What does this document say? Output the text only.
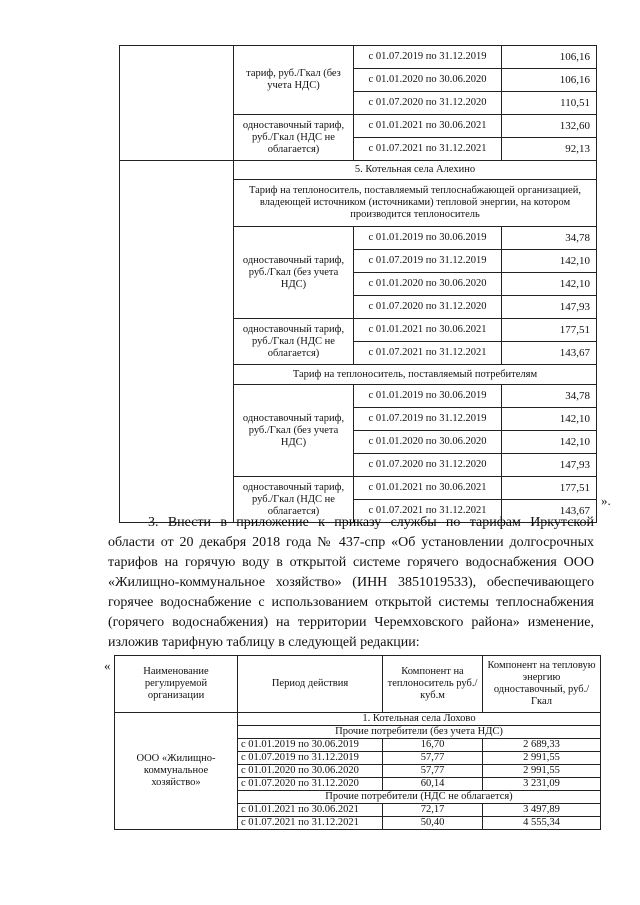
	тариф, руб./Гкал (без учета НДС)	с 01.07.2019 по 31.12.2019	106,16
		с 01.01.2020 по 30.06.2020	106,16
		с 01.07.2020 по 31.12.2020	110,51
	одноставочный тариф, руб./Гкал (НДС не облагается)	с 01.01.2021 по 30.06.2021	132,60
		с 01.07.2021 по 31.12.2021	92,13
	5. Котельная села Алехино		
	Тариф на теплоноситель, поставляемый теплоснабжающей организацией, владеющей источником (источниками) тепловой энергии, на котором производится теплоноситель		
	одноставочный тариф, руб./Гкал (без учета НДС)	с 01.01.2019 по 30.06.2019	34,78
		с 01.07.2019 по 31.12.2019	142,10
		с 01.01.2020 по 30.06.2020	142,10
		с 01.07.2020 по 31.12.2020	147,93
	одноставочный тариф, руб./Гкал (НДС не облагается)	с 01.01.2021 по 30.06.2021	177,51
		с 01.07.2021 по 31.12.2021	143,67
	Тариф на теплоноситель, поставляемый потребителям		
	одноставочный тариф, руб./Гкал (без учета НДС)	с 01.01.2019 по 30.06.2019	34,78
		с 01.07.2019 по 31.12.2019	142,10
		с 01.01.2020 по 30.06.2020	142,10
		с 01.07.2020 по 31.12.2020	147,93
	одноставочный тариф, руб./Гкал (НДС не облагается)	с 01.01.2021 по 30.06.2021	177,51
		с 01.07.2021 по 31.12.2021	143,67
».
3. Внести в приложение к приказу службы по тарифам Иркутской
области от 20 декабря 2018 года № 437-спр «Об установлении долгосрочных
тарифов на горячую воду в открытой системе горячего водоснабжения ООО
«Жилищно-коммунальное хозяйство» (ИНН 3851019533), обеспечивающего
горячее водоснабжение с использованием открытой системы теплоснабжения
(горячего водоснабжения) на территории Черемховского района» изменение,
изложив тарифную таблицу в следующей редакции:
«	Наименование регулируемой организации	Период действия	Компонент на теплоноситель руб./куб.м	Компонент на тепловую энергию одноставочный, руб./Гкал
ООО «Жилищно-коммунальное хозяйство»	1. Котельная села Лохово		
	Прочие потребители (без учета НДС)		
	с 01.01.2019 по 30.06.2019	16,70	2 689,33
	с 01.07.2019 по 31.12.2019	57,77	2 991,55
	с 01.01.2020 по 30.06.2020	57,77	2 991,55
	с 01.07.2020 по 31.12.2020	60,14	3 231,09
	Прочие потребители (НДС не облагается)		
	с 01.01.2021 по 30.06.2021	72,17	3 497,89
	с 01.07.2021 по 31.12.2021	50,40	4 555,34
